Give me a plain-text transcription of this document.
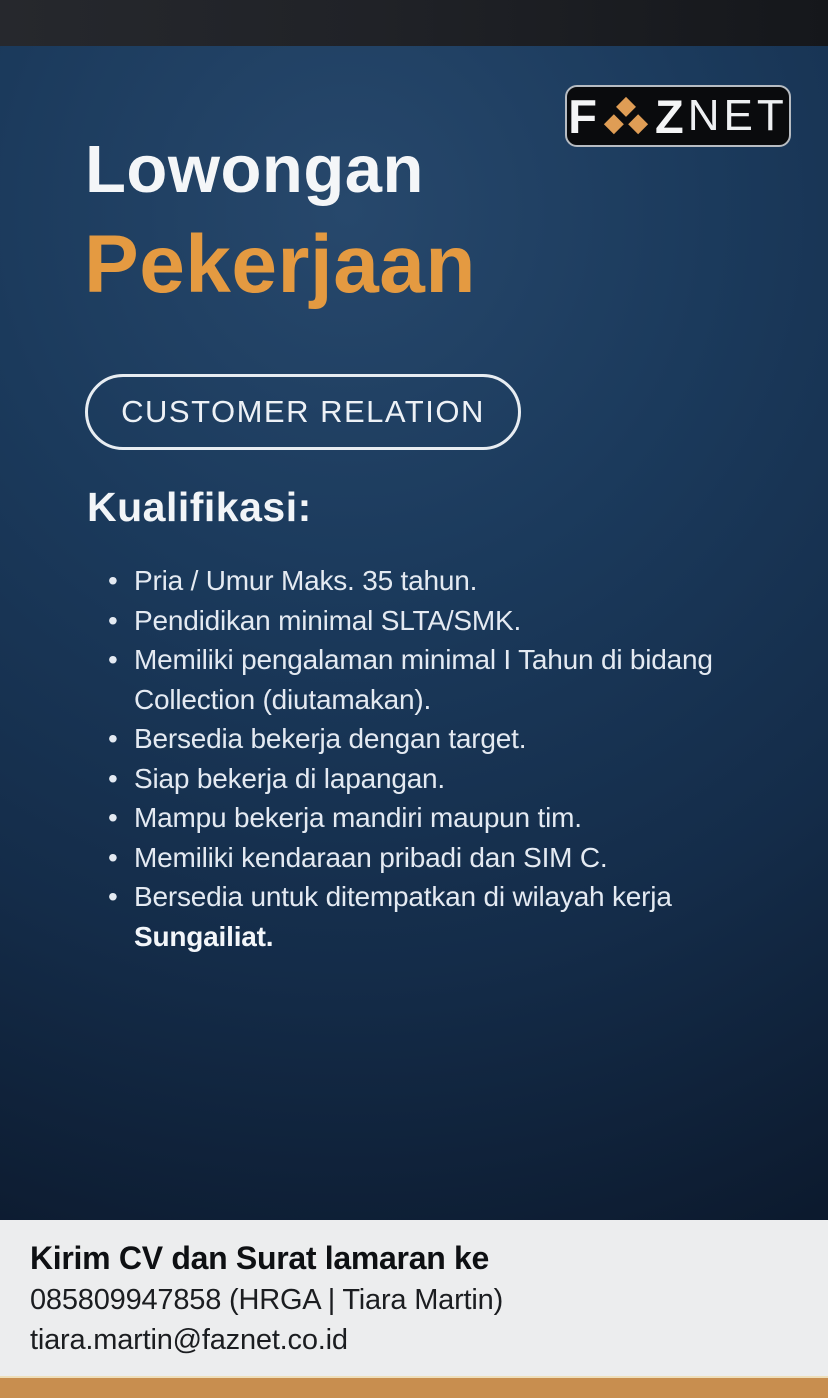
F Z NET
Lowongan
Pekerjaan
CUSTOMER RELATION
Kualifikasi:
• Pria / Umur Maks. 35 tahun.
• Pendidikan minimal SLTA/SMK.
• Memiliki pengalaman minimal I Tahun di bidang Collection (diutamakan).
• Bersedia bekerja dengan target.
• Siap bekerja di lapangan.
• Mampu bekerja mandiri maupun tim.
• Memiliki kendaraan pribadi dan SIM C.
• Bersedia untuk ditempatkan di wilayah kerja Sungailiat.
Kirim CV dan Surat lamaran ke
085809947858 (HRGA | Tiara Martin)
tiara.martin@faznet.co.id
